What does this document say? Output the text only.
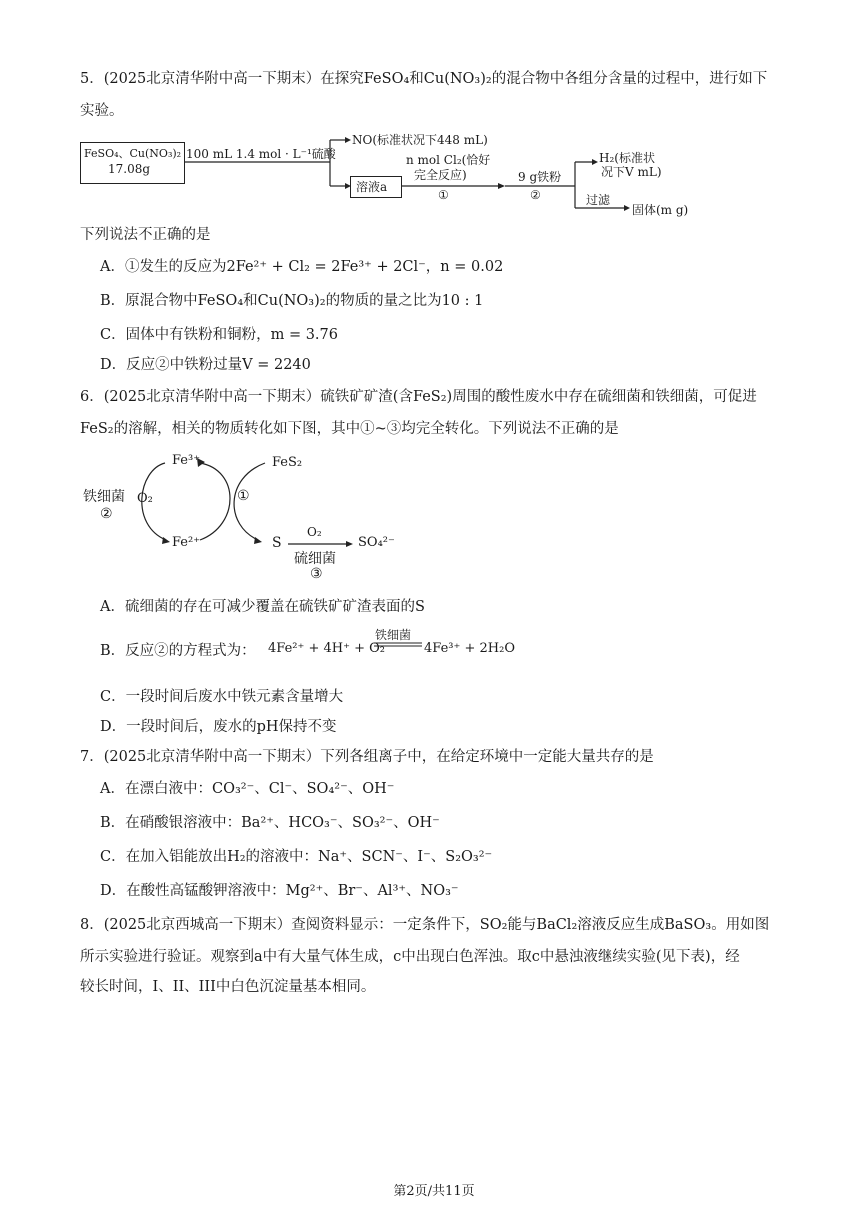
5．(2025北京清华附中高一下期末）在探究FeSO₄和Cu(NO₃)₂的混合物中各组分含量的过程中，进行如下
实验。
FeSO₄、Cu(NO₃)₂
17.08g
100 mL 1.4 mol · L⁻¹硫酸
NO(标准状况下448 mL)
溶液a
n mol Cl₂(恰好
完全反应)
①
9 g铁粉
②
H₂(标准状
况下V mL)
过滤
固体(m g)
下列说法不正确的是
A．①发生的反应为2Fe²⁺ + Cl₂ = 2Fe³⁺ + 2Cl⁻，n = 0.02
B．原混合物中FeSO₄和Cu(NO₃)₂的物质的量之比为10 : 1
C．固体中有铁粉和铜粉，m = 3.76
D．反应②中铁粉过量V = 2240
6．(2025北京清华附中高一下期末）硫铁矿矿渣(含FeS₂)周围的酸性废水中存在硫细菌和铁细菌，可促进
FeS₂的溶解，相关的物质转化如下图，其中①~③均完全转化。下列说法不正确的是
Fe³⁺	FeS₂
铁细菌 O₂
②
①
Fe²⁺	S
O₂
SO₄²⁻
硫细菌
③
A．硫细菌的存在可减少覆盖在硫铁矿矿渣表面的S
B．反应②的方程式为： 4Fe²⁺ + 4H⁺ + O₂
铁细菌
4Fe³⁺ + 2H₂O
C．一段时间后废水中铁元素含量增大
D．一段时间后，废水的pH保持不变
7．(2025北京清华附中高一下期末）下列各组离子中，在给定环境中一定能大量共存的是
A．在漂白液中：CO₃²⁻、Cl⁻、SO₄²⁻、OH⁻
B．在硝酸银溶液中：Ba²⁺、HCO₃⁻、SO₃²⁻、OH⁻
C．在加入铝能放出H₂的溶液中：Na⁺、SCN⁻、I⁻、S₂O₃²⁻
D．在酸性高锰酸钾溶液中：Mg²⁺、Br⁻、Al³⁺、NO₃⁻
8．(2025北京西城高一下期末）查阅资料显示：一定条件下，SO₂能与BaCl₂溶液反应生成BaSO₃。用如图
所示实验进行验证。观察到a中有大量气体生成，c中出现白色浑浊。取c中悬浊液继续实验(见下表)，经
较长时间，I、II、III中白色沉淀量基本相同。
第2页/共11页
